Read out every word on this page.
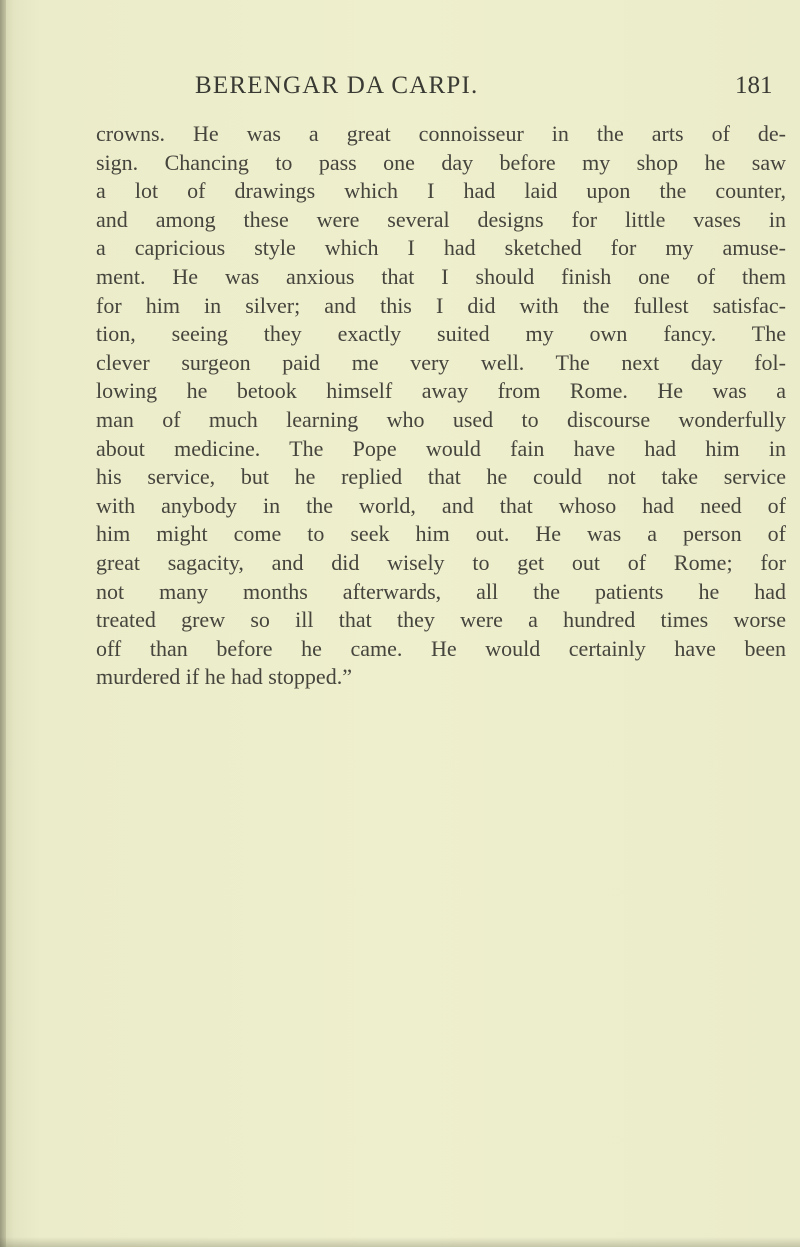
BERENGAR DA CARPI.	181
crowns. He was a great connoisseur in the arts of de-
sign. Chancing to pass one day before my shop he saw
a lot of drawings which I had laid upon the counter,
and among these were several designs for little vases in
a capricious style which I had sketched for my amuse-
ment. He was anxious that I should finish one of them
for him in silver; and this I did with the fullest satisfac-
tion, seeing they exactly suited my own fancy. The
clever surgeon paid me very well. The next day fol-
lowing he betook himself away from Rome. He was a
man of much learning who used to discourse wonderfully
about medicine. The Pope would fain have had him in
his service, but he replied that he could not take service
with anybody in the world, and that whoso had need of
him might come to seek him out. He was a person of
great sagacity, and did wisely to get out of Rome; for
not many months afterwards, all the patients he had
treated grew so ill that they were a hundred times worse
off than before he came. He would certainly have been
murdered if he had stopped.”
